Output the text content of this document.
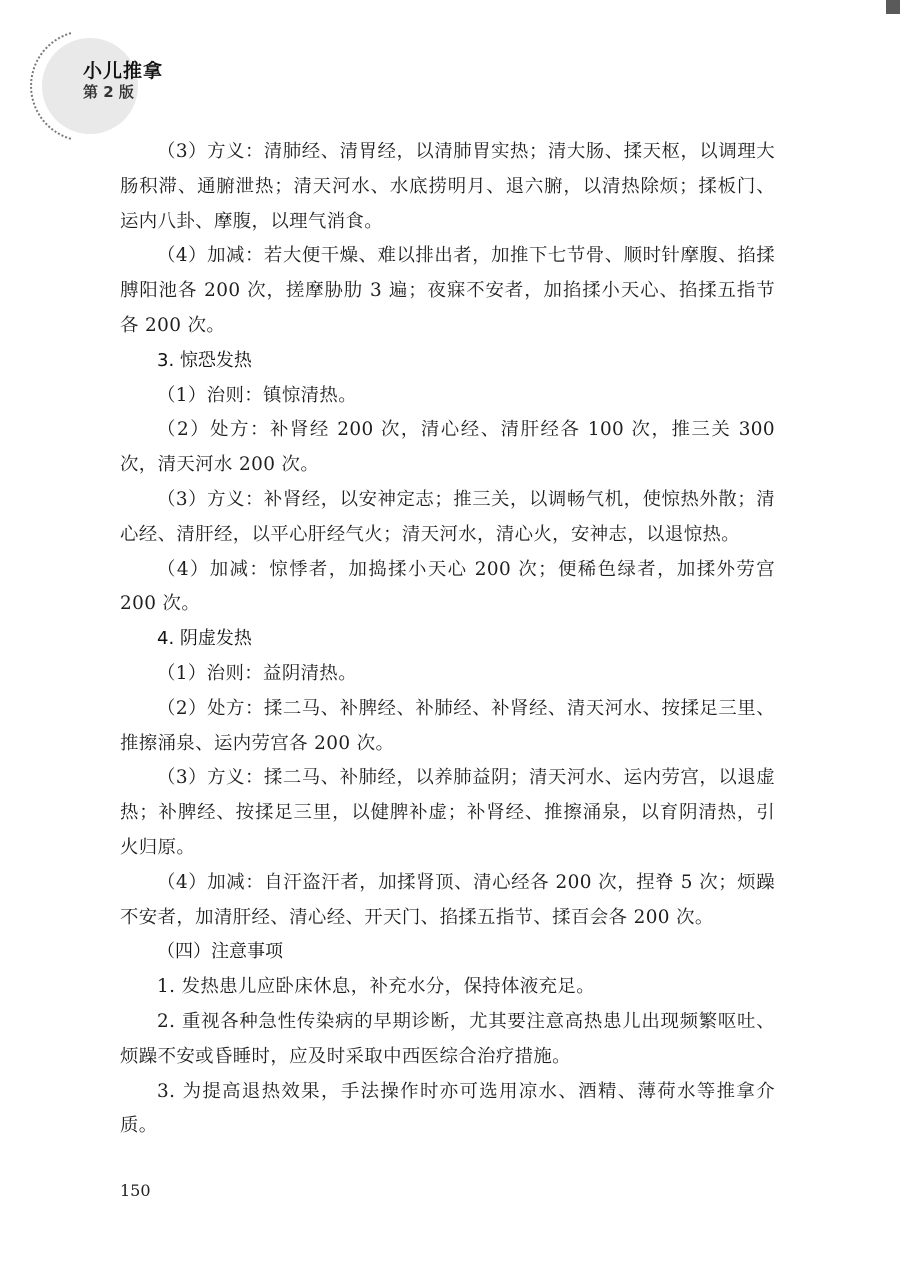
小儿推拿
第 2 版

（3）方义：清肺经、清胃经，以清肺胃实热；清大肠、揉天枢，以调理大肠积滞、通腑泄热；清天河水、水底捞明月、退六腑，以清热除烦；揉板门、运内八卦、摩腹，以理气消食。

（4）加减：若大便干燥、难以排出者，加推下七节骨、顺时针摩腹、掐揉膊阳池各 200 次，搓摩胁肋 3 遍；夜寐不安者，加掐揉小天心、掐揉五指节各 200 次。

3. 惊恐发热

（1）治则：镇惊清热。

（2）处方：补肾经 200 次，清心经、清肝经各 100 次，推三关 300 次，清天河水 200 次。

（3）方义：补肾经，以安神定志；推三关，以调畅气机，使惊热外散；清心经、清肝经，以平心肝经气火；清天河水，清心火，安神志，以退惊热。

（4）加减：惊悸者，加捣揉小天心 200 次；便稀色绿者，加揉外劳宫 200 次。

4. 阴虚发热

（1）治则：益阴清热。

（2）处方：揉二马、补脾经、补肺经、补肾经、清天河水、按揉足三里、推擦涌泉、运内劳宫各 200 次。

（3）方义：揉二马、补肺经，以养肺益阴；清天河水、运内劳宫，以退虚热；补脾经、按揉足三里，以健脾补虚；补肾经、推擦涌泉，以育阴清热，引火归原。

（4）加减：自汗盗汗者，加揉肾顶、清心经各 200 次，捏脊 5 次；烦躁不安者，加清肝经、清心经、开天门、掐揉五指节、揉百会各 200 次。

（四）注意事项

1. 发热患儿应卧床休息，补充水分，保持体液充足。

2. 重视各种急性传染病的早期诊断，尤其要注意高热患儿出现频繁呕吐、烦躁不安或昏睡时，应及时采取中西医综合治疗措施。

3. 为提高退热效果，手法操作时亦可选用凉水、酒精、薄荷水等推拿介质。

150
